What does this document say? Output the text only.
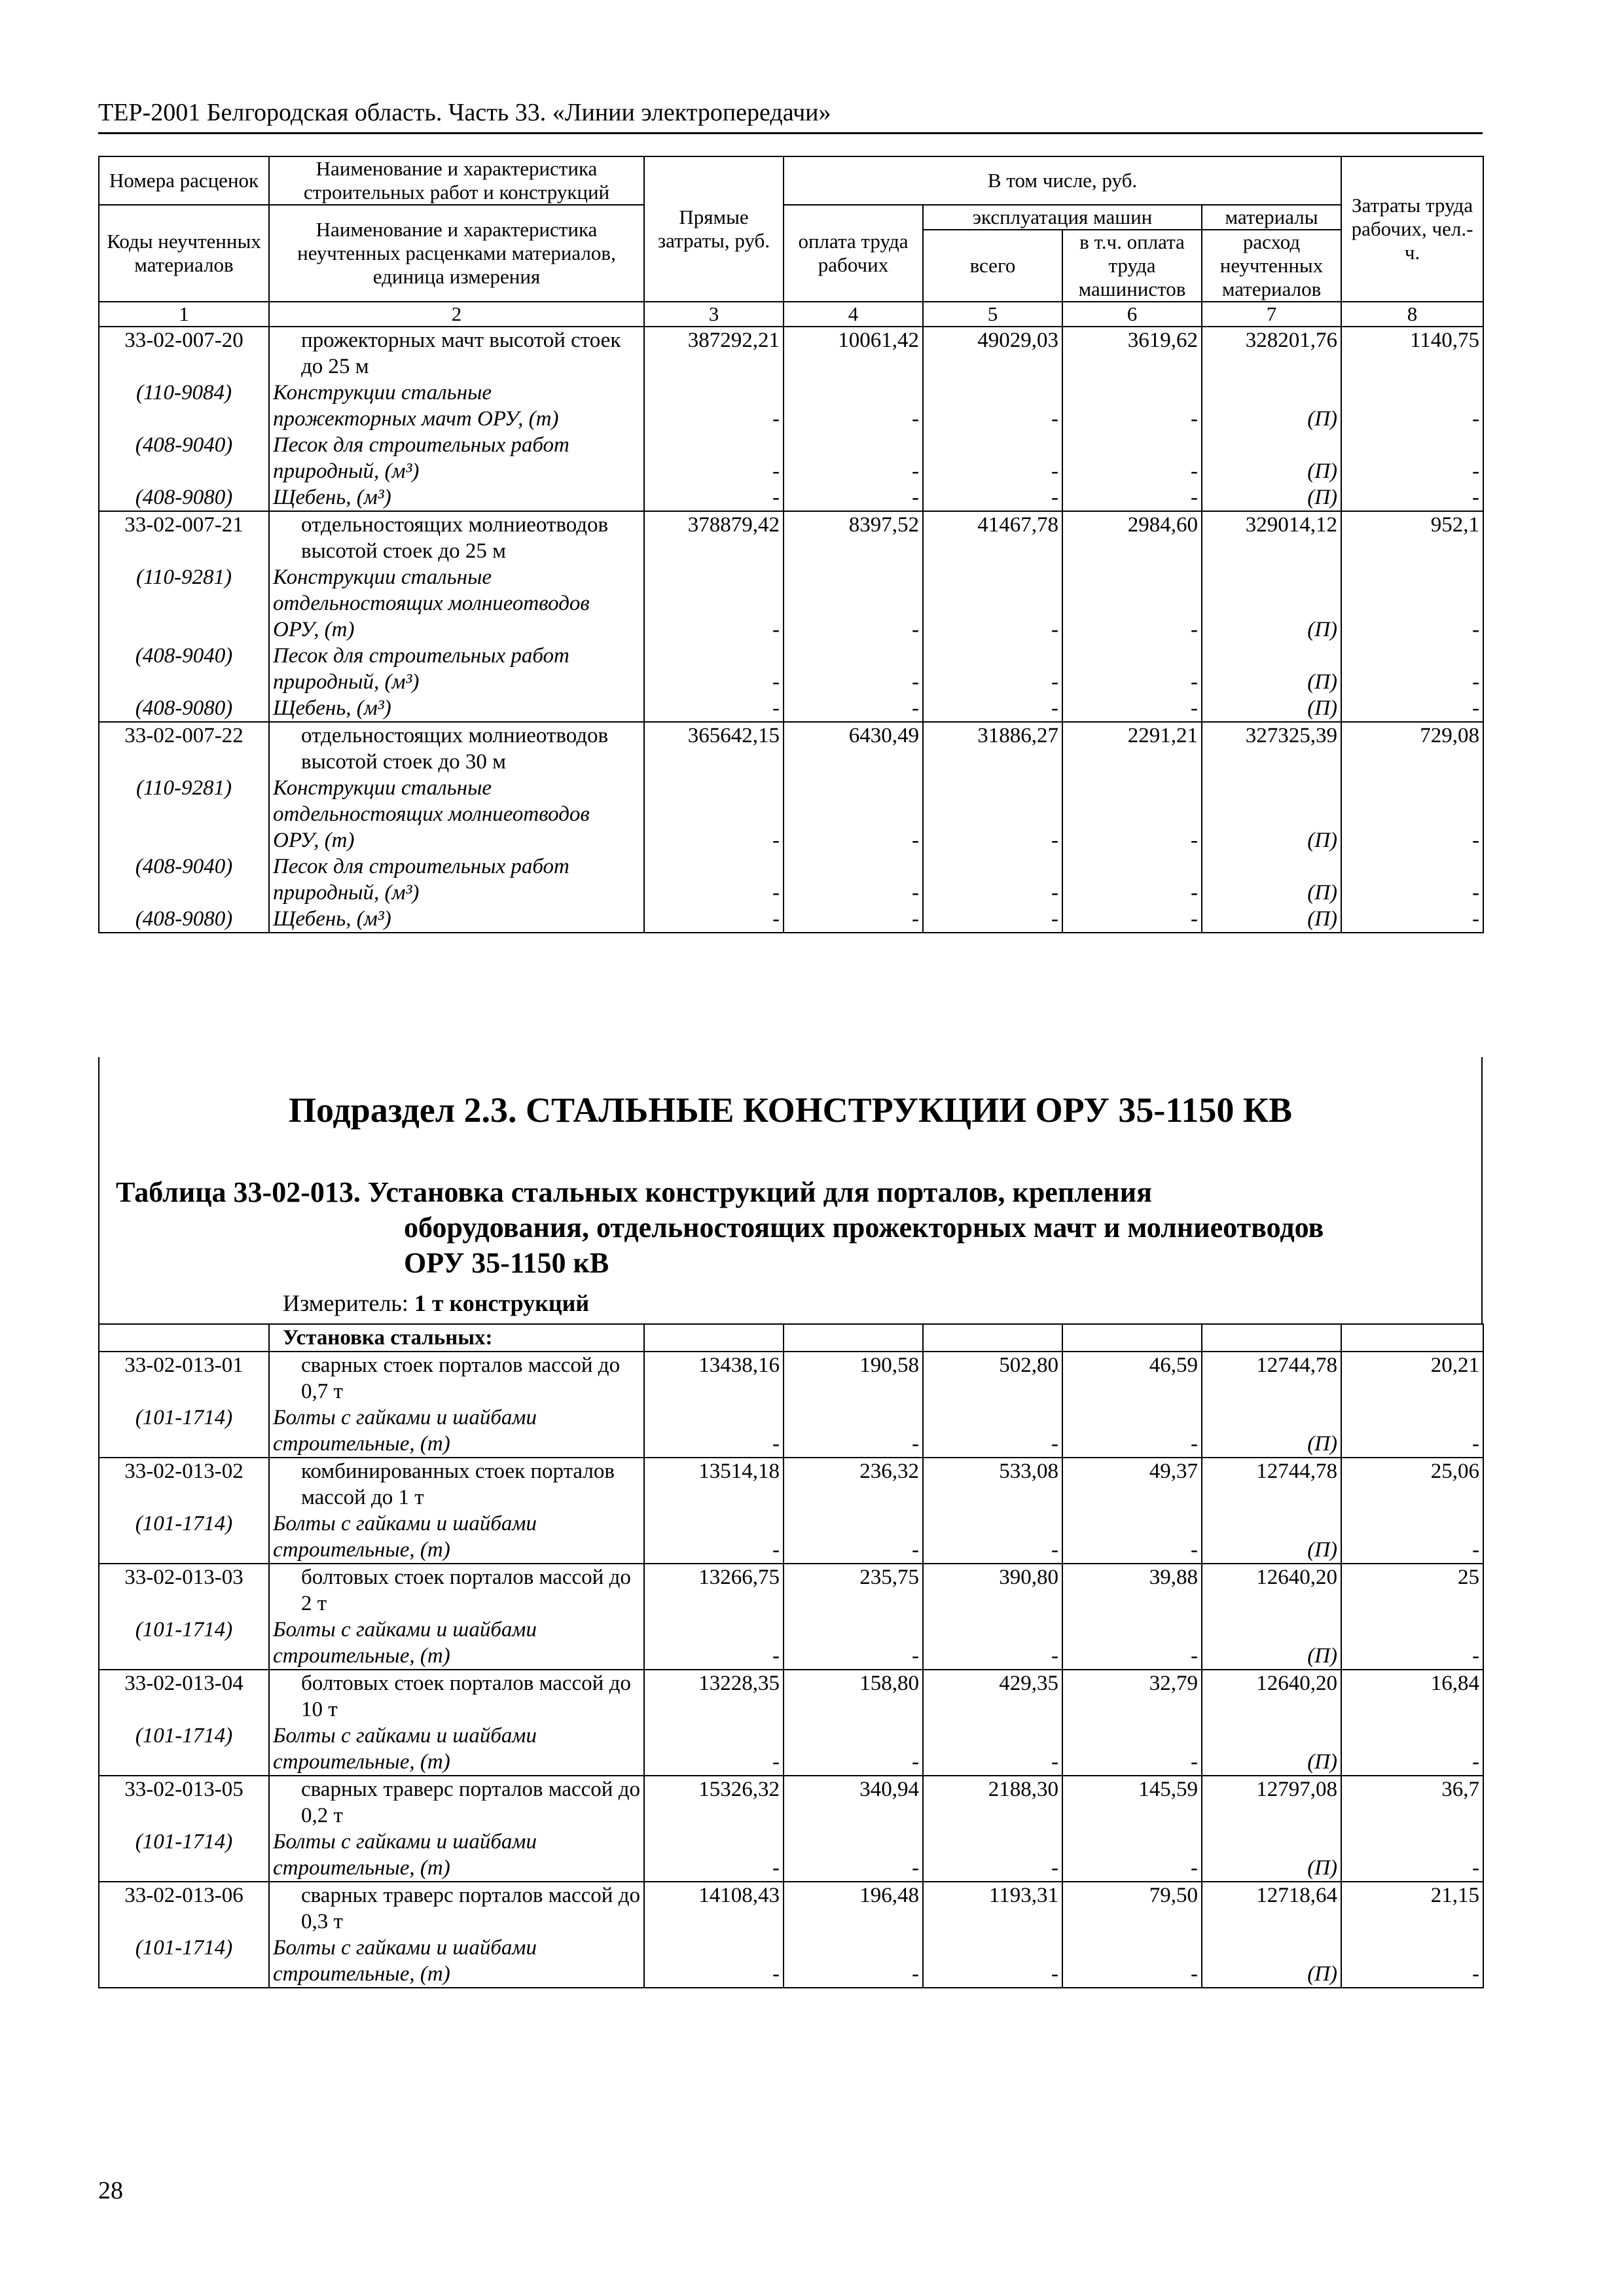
ТЕР-2001 Белгородская область. Часть 33. «Линии электропередачи»
Номера расценок	Наименование и характеристика строительных работ и конструкций	Прямые затраты, руб.	В том числе, руб.				Затраты труда рабочих, чел.-ч.
Коды неучтенных материалов	Наименование и характеристика неучтенных расценками материалов, единица измерения		оплата труда рабочих	эксплуатация машин		материалы	
				всего	в т.ч. оплата труда машинистов	расход неучтенных материалов	
1	2	3	4	5	6	7	8
33-02-007-20	прожекторных мачт высотой стоек до 25 м	387292,21	10061,42	49029,03	3619,62	328201,76	1140,75
(110-9084)	Конструкции стальные прожекторных мачт ОРУ, (т)	-	-	-	-	(П)	-
(408-9040)	Песок для строительных работ природный, (м³)	-	-	-	-	(П)	-
(408-9080)	Щебень, (м³)	-	-	-	-	(П)	-
33-02-007-21	отдельностоящих молниеотводов высотой стоек до 25 м	378879,42	8397,52	41467,78	2984,60	329014,12	952,1
(110-9281)	Конструкции стальные отдельностоящих молниеотводов ОРУ, (т)	-	-	-	-	(П)	-
(408-9040)	Песок для строительных работ природный, (м³)	-	-	-	-	(П)	-
(408-9080)	Щебень, (м³)	-	-	-	-	(П)	-
33-02-007-22	отдельностоящих молниеотводов высотой стоек до 30 м	365642,15	6430,49	31886,27	2291,21	327325,39	729,08
(110-9281)	Конструкции стальные отдельностоящих молниеотводов ОРУ, (т)	-	-	-	-	(П)	-
(408-9040)	Песок для строительных работ природный, (м³)	-	-	-	-	(П)	-
(408-9080)	Щебень, (м³)	-	-	-	-	(П)	-
Подраздел 2.3. СТАЛЬНЫЕ КОНСТРУКЦИИ ОРУ 35-1150 КВ
Таблица 33-02-013. Установка стальных конструкций для порталов, крепления
оборудования, отдельностоящих прожекторных мачт и молниеотводов
ОРУ 35-1150 кВ
Измеритель: 1 т конструкций
	Установка стальных:						
33-02-013-01	сварных стоек порталов массой до 0,7 т	13438,16	190,58	502,80	46,59	12744,78	20,21
(101-1714)	Болты с гайками и шайбами строительные, (т)	-	-	-	-	(П)	-
33-02-013-02	комбинированных стоек порталов массой до 1 т	13514,18	236,32	533,08	49,37	12744,78	25,06
(101-1714)	Болты с гайками и шайбами строительные, (т)	-	-	-	-	(П)	-
33-02-013-03	болтовых стоек порталов массой до 2 т	13266,75	235,75	390,80	39,88	12640,20	25
(101-1714)	Болты с гайками и шайбами строительные, (т)	-	-	-	-	(П)	-
33-02-013-04	болтовых стоек порталов массой до 10 т	13228,35	158,80	429,35	32,79	12640,20	16,84
(101-1714)	Болты с гайками и шайбами строительные, (т)	-	-	-	-	(П)	-
33-02-013-05	сварных траверс порталов массой до 0,2 т	15326,32	340,94	2188,30	145,59	12797,08	36,7
(101-1714)	Болты с гайками и шайбами строительные, (т)	-	-	-	-	(П)	-
33-02-013-06	сварных траверс порталов массой до 0,3 т	14108,43	196,48	1193,31	79,50	12718,64	21,15
(101-1714)	Болты с гайками и шайбами строительные, (т)	-	-	-	-	(П)	-
28
